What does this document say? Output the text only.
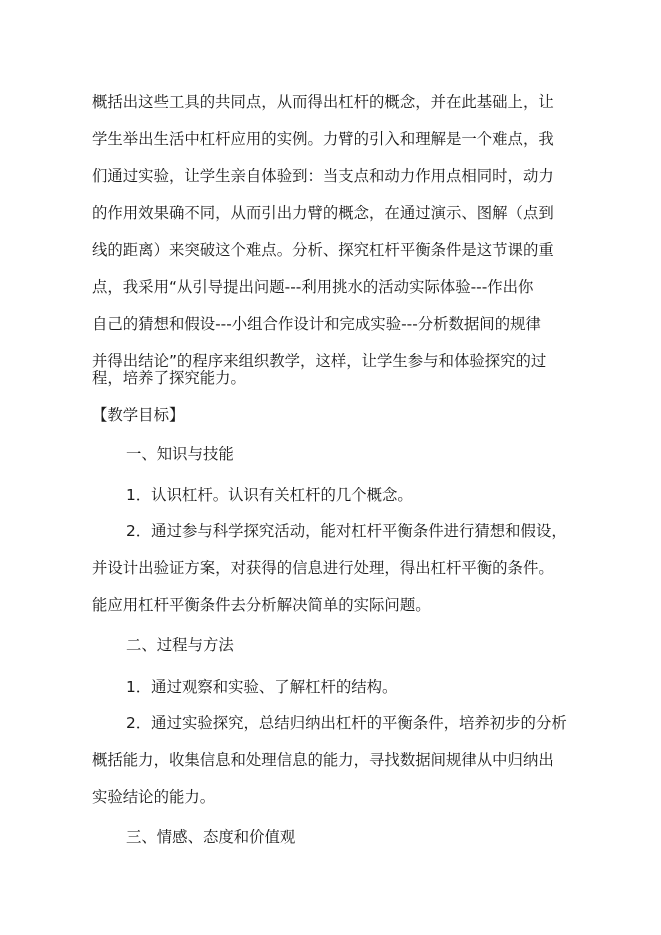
概括出这些工具的共同点，从而得出杠杆的概念，并在此基础上，让
学生举出生活中杠杆应用的实例。力臂的引入和理解是一个难点，我
们通过实验，让学生亲自体验到：当支点和动力作用点相同时，动力
的作用效果确不同，从而引出力臂的概念，在通过演示、图解（点到
线的距离）来突破这个难点。分析、探究杠杆平衡条件是这节课的重
点，我采用“从引导提出问题---利用挑水的活动实际体验---作出你
自己的猜想和假设---小组合作设计和完成实验---分析数据间的规律
并得出结论”的程序来组织教学，这样，让学生参与和体验探究的过
程，培养了探究能力。
【教学目标】
一、知识与技能
1．认识杠杆。认识有关杠杆的几个概念。
2．通过参与科学探究活动，能对杠杆平衡条件进行猜想和假设，
并设计出验证方案，对获得的信息进行处理，得出杠杆平衡的条件。
能应用杠杆平衡条件去分析解决简单的实际问题。
二、过程与方法
1．通过观察和实验、了解杠杆的结构。
2．通过实验探究，总结归纳出杠杆的平衡条件，培养初步的分析
概括能力，收集信息和处理信息的能力，寻找数据间规律从中归纳出
实验结论的能力。
三、情感、态度和价值观
